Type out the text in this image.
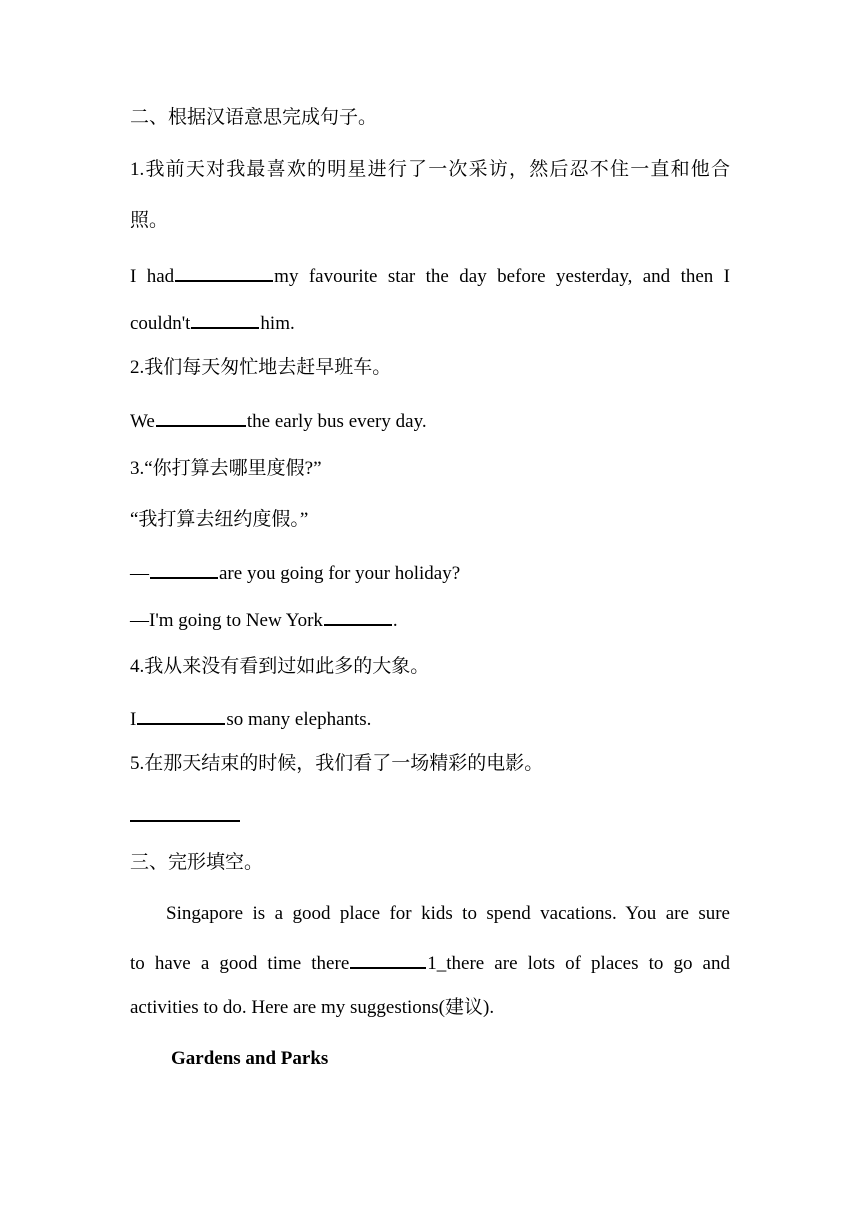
二、根据汉语意思完成句子。
1.我前天对我最喜欢的明星进行了一次采访，然后忍不住一直和他合
照。
I had	my favourite star the day before yesterday, and then I
couldn't	him.
2.我们每天匆忙地去赶早班车。
We	the early bus every day.
3.“你打算去哪里度假?”
“我打算去纽约度假。”
—	are you going for your holiday?
—I'm going to New York	.
4.我从来没有看到过如此多的大象。
I	so many elephants.
5.在那天结束的时候，我们看了一场精彩的电影。
三、完形填空。
Singapore is a good place for kids to spend vacations. You are sure
to have a good time there	1_there are lots of places to go and
activities to do. Here are my suggestions(建议).
Gardens and Parks
